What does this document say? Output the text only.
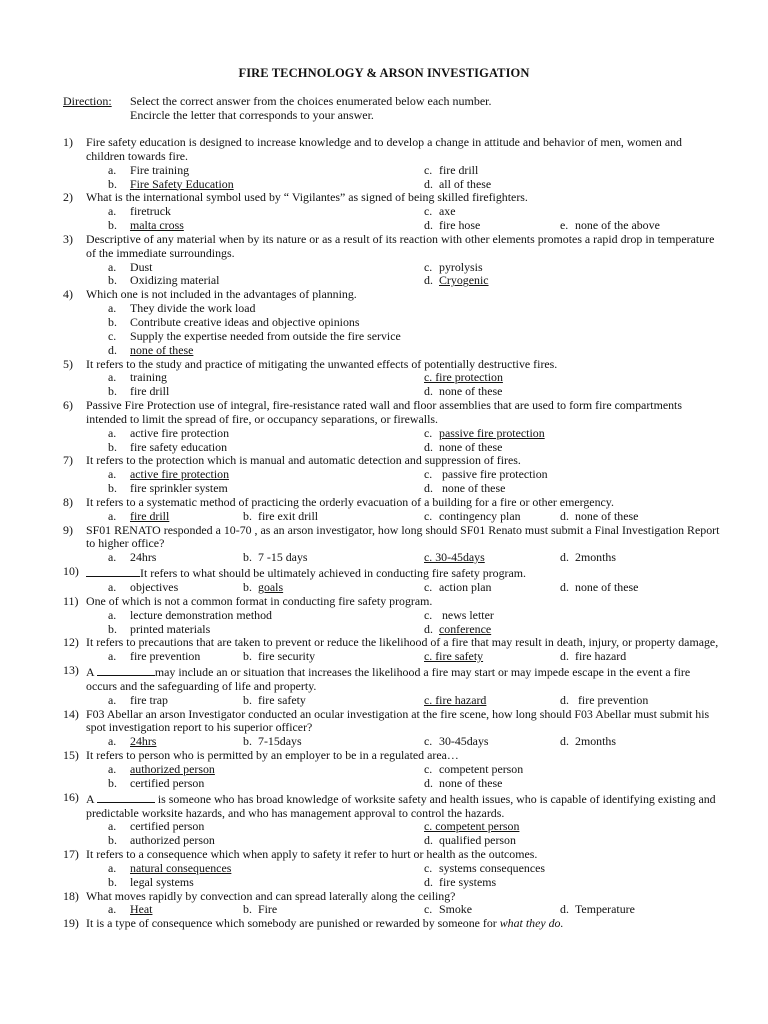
FIRE TECHNOLOGY & ARSON INVESTIGATION
Direction: Select the correct answer from the choices enumerated below each number.
Encircle the letter that corresponds to your answer.
1)	Fire safety education is designed to increase knowledge and to develop a change in attitude and behavior of men, women and children towards fire.
a. Fire training	c. fire drill
b. Fire Safety Education	d. all of these
2)	What is the international symbol used by “ Vigilantes” as signed of being skilled firefighters.
a. firetruck	c. axe
b. malta cross	d. fire hose	e. none of the above
3)	Descriptive of any material when by its nature or as a result of its reaction with other elements promotes a rapid drop in temperature of the immediate surroundings.
a. Dust	c. pyrolysis
b. Oxidizing material	d. Cryogenic
4)	Which one is not included in the advantages of planning.
a. They divide the work load
b. Contribute creative ideas and objective opinions
c. Supply the expertise needed from outside the fire service
d. none of these
5)	It refers to the study and practice of mitigating the unwanted effects of potentially destructive fires.
a. training	c. fire protection
b. fire drill	d. none of these
6)	Passive Fire Protection use of integral, fire-resistance rated wall and floor assemblies that are used to form fire compartments intended to limit the spread of fire, or occupancy separations, or firewalls.
a. active fire protection	c. passive fire protection
b. fire safety education	d. none of these
7)	It refers to the protection which is manual and automatic detection and suppression of fires.
a. active fire protection	c. passive fire protection
b. fire sprinkler system	d. none of these
8)	It refers to a systematic method of practicing the orderly evacuation of a building for a fire or other emergency.
a. fire drill	b. fire exit drill	c. contingency plan	d. none of these
9)	SF01 RENATO responded a 10-70 , as an arson investigator, how long should SF01 Renato must submit a Final Investigation Report to higher office?
a. 24hrs	b. 7 -15 days	c. 30-45days	d. 2months
10)	It refers to what should be ultimately achieved in conducting fire safety program.
a. objectives	b. goals	c. action plan	d. none of these
11) One of which is not a common format in conducting fire safety program.
a. lecture demonstration method	c. news letter
b. printed materials	d. conference
12) It refers to precautions that are taken to prevent or reduce the likelihood of a fire that may result in death, injury, or property damage,
a. fire prevention	b. fire security	c. fire safety	d. fire hazard
13) A	may include an or situation that increases the likelihood a fire may start or may impede escape in the event a fire occurs and the safeguarding of life and property.
a. fire trap	b. fire safety	c. fire hazard	d. fire prevention
14) F03 Abellar an arson Investigator conducted an ocular investigation at the fire scene, how long should F03 Abellar must submit his spot investigation report to his superior officer?
a. 24hrs	b. 7-15days	c. 30-45days	d. 2months
15) It refers to person who is permitted by an employer to be in a regulated area…
a. authorized person	c. competent person
b. certified person	d. none of these
16) A	is someone who has broad knowledge of worksite safety and health issues, who is capable of identifying existing and predictable worksite hazards, and who has management approval to control the hazards.
a. certified person	c. competent person
b. authorized person	d. qualified person
17) It refers to a consequence which when apply to safety it refer to hurt or health as the outcomes.
a. natural consequences	c. systems consequences
b. legal systems	d. fire systems
18) What moves rapidly by convection and can spread laterally along the ceiling?
a. Heat	b. Fire	c. Smoke	d. Temperature
19) It is a type of consequence which somebody are punished or rewarded by someone for what they do.
